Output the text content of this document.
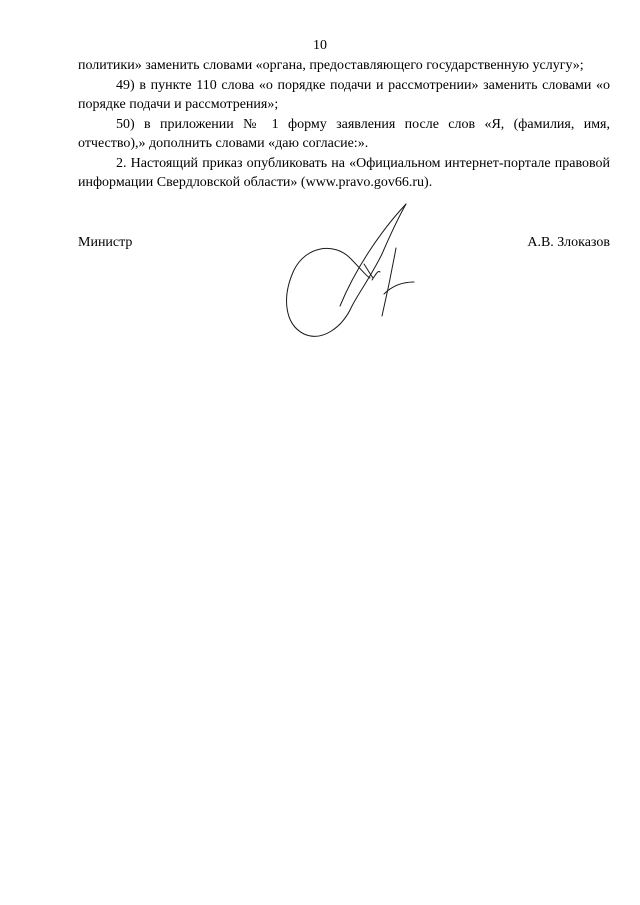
10

политики» заменить словами «органа, предоставляющего государственную услугу»;

49) в пункте 110 слова «о порядке подачи и рассмотрении» заменить словами «о порядке подачи и рассмотрения»;

50) в приложении № 1 форму заявления после слов «Я, (фамилия, имя, отчество),» дополнить словами «даю согласие:».

2. Настоящий приказ опубликовать на «Официальном интернет-портале правовой информации Свердловской области» (www.pravo.gov66.ru).

Министр	А.В. Злоказов
